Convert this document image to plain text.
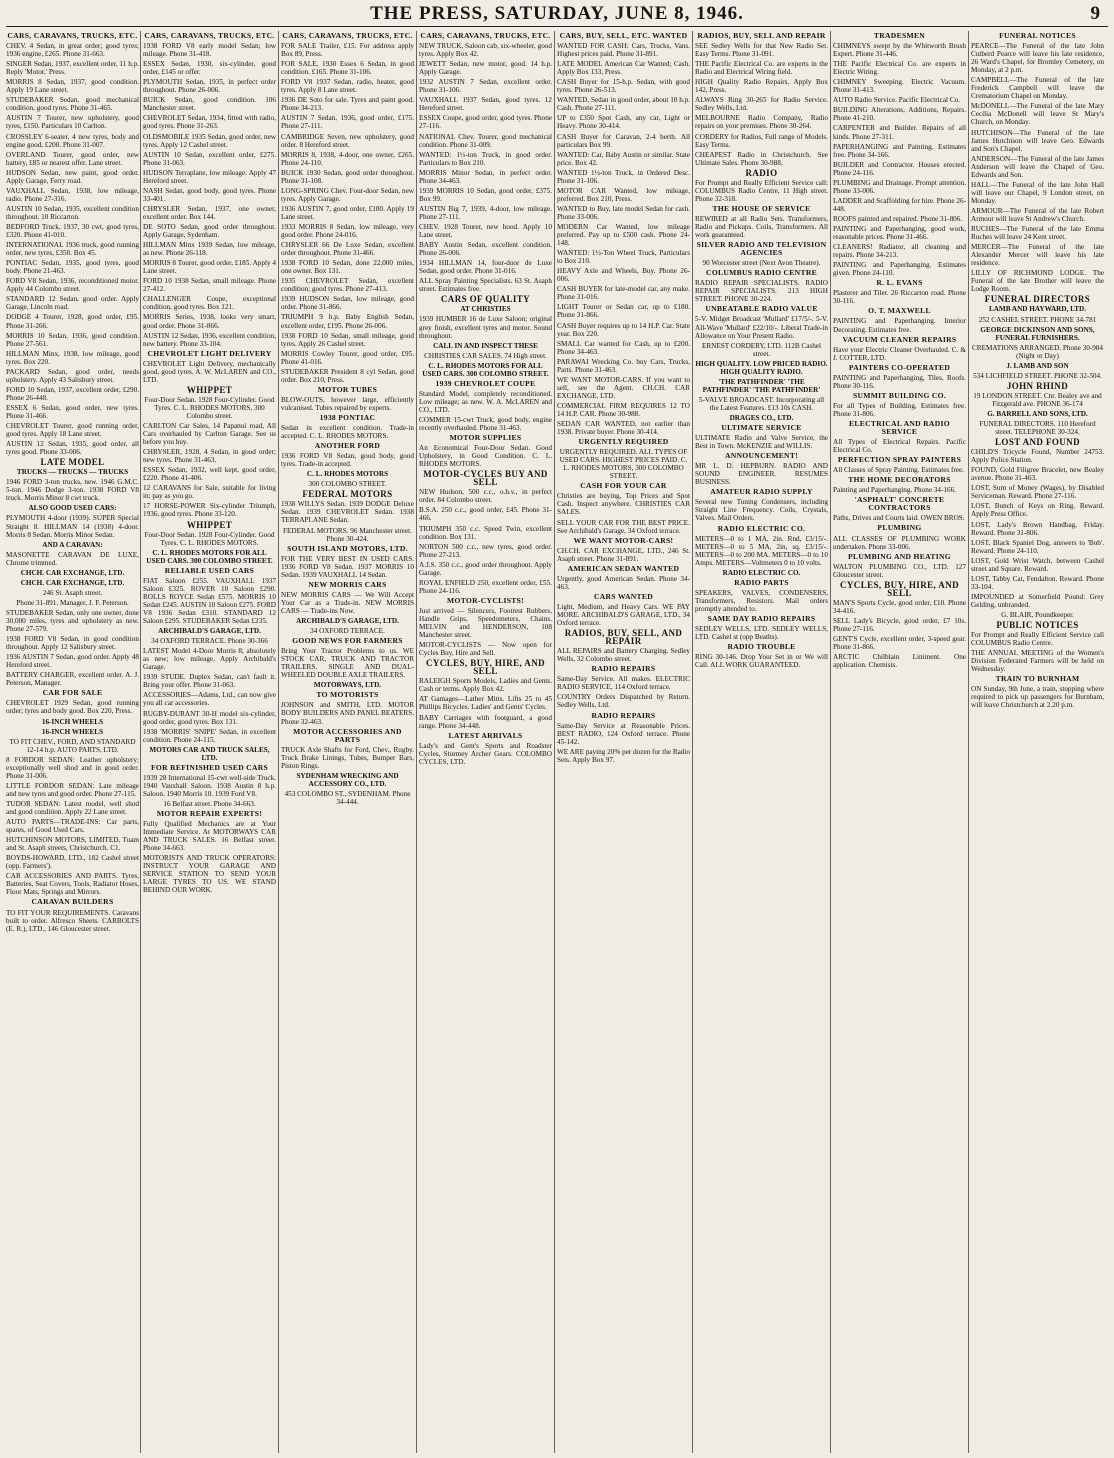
THE PRESS, SATURDAY, JUNE 8, 1946.	9
CARS, CARAVANS, TRUCKS, ETC.

CHEV. 4 Sedan, in great order; good tyres; 1936 engine, £265. Phone 31-663.

SINGER Sedan, 1937, excellent order, 11 h.p. Reply 'Motor,' Press.

MORRIS 8 Sedan, 1937, good condition. Apply 19 Lane street.

STUDEBAKER Sedan, good mechanical condition, good tyres. Phone 31-465.

AUSTIN 7 Tourer, new upholstery, good tyres, £150. Particulars 10 Carlton.

CROSSLEY 6-seater, 4 new tyres, body and engine good, £200. Phone 31-007.

OVERLAND Tourer, good order, new battery, £85 or nearest offer. Lane street.

HUDSON Sedan, new paint, good order. Apply Garage, Ferry road.

VAUXHALL Sedan, 1938, low mileage, radio. Phone 27-316.

AUSTIN 10 Sedan, 1935, excellent condition throughout. 10 Riccarton.

BEDFORD Truck, 1937, 30 cwt, good tyres, £320. Phone 41-010.

INTERNATIONAL 1936 truck, good running order, new tyres, £350. Box 45.

PONTIAC Sedan, 1935, good tyres, good body. Phone 21-463.

FORD V8 Sedan, 1936, reconditioned motor. Apply 44 Colombo street.

STANDARD 12 Sedan, good order. Apply Garage, Lincoln road.

DODGE 4 Tourer, 1928, good order, £95. Phone 31-266.

MORRIS 10 Sedan, 1936, good condition. Phone 27-561.

HILLMAN Minx, 1938, low mileage, good tyres. Box 220.

PACKARD Sedan, good order, needs upholstery. Apply 43 Salisbury street.

FORD 10 Sedan, 1937, excellent order, £290. Phone 26-448.

ESSEX 6 Sedan, good order, new tyres. Phone 31-466.

CHEVROLET Tourer, good running order, good tyres. Apply 18 Lane street.

AUSTIN 12 Sedan, 1935, good order, all tyres good. Phone 33-006.

LATE MODEL

TRUCKS — TRUCKS — TRUCKS

1946 FORD 3-ton trucks, new. 1946 G.M.C. 5-ton. 1946 Dodge 3-ton. 1938 FORD V8 truck. Morris Minor 8 cwt truck.

ALSO GOOD USED CARS:

PLYMOUTH 4-door (1939). SUPER Special Straight 8. HILLMAN 14 (1938) 4-door. Morris 8 Sedan. Morris Minor Sedan.

AND A CARAVAN:

MASONETTE CARAVAN DE LUXE, Chrome trimmed.

CHCH. CAR EXCHANGE, LTD.

CHCH. CAR EXCHANGE, LTD.

246 St. Asaph street.

Phone 31-891. Manager, J. F. Peterson.

STUDEBAKER Sedan, only one owner, done 30,000 miles, tyres and upholstery as new. Phone 27-579.

1938 FORD V8 Sedan, in good condition throughout. Apply 12 Salisbury street.

1936 AUSTIN 7 Sedan, good order. Apply 48 Hereford street.

BATTERY CHARGER, excellent order. A. J. Peterson, Manager.

CAR FOR SALE

CHEVROLET 1929 Sedan, good running order; tyres and body good. Box 220, Press.

16-INCH WHEELS

16-INCH WHEELS

TO FIT CHEV., FORD, AND STANDARD 12-14 h.p. AUTO PARTS, LTD.

8 FORDOR SEDAN: Leather upholstery; exceptionally well shod and in good order. Phone 31-006.

LITTLE FORDOR SEDAN: Late mileage and new tyres and good order. Phone 27-115.

TUDOR SEDAN: Latest model, well shod and good condition. Apply 22 Lane street.

AUTO PARTS—TRADE-INS: Car parts, spares, of Good Used Cars.

HUTCHINSON MOTORS, LIMITED, Tuam and St. Asaph streets, Christchurch. C1.

BOYDS-HOWARD, LTD., 182 Cashel street (opp. Farmers').

CAR ACCESSORIES AND PARTS. Tyres, Batteries, Seat Covers, Tools, Radiator Hoses, Floor Mats, Springs and Mirrors.

CARAVAN BUILDERS

TO FIT YOUR REQUIREMENTS. Caravans built to order. Alfresco Sheets. CARBOLTS (E. R.), LTD., 146 Gloucester street.

CARS, CARAVANS, TRUCKS, ETC.

1938 FORD V8 early model Sedan; low mileage. Phone 31-418.

ESSEX Sedan, 1930, six-cylinder, good order, £145 or offer.

PLYMOUTH Sedan, 1935, in perfect order throughout. Phone 26-006.

BUICK Sedan, good condition. 106 Manchester street.

CHEVROLET Sedan, 1934, fitted with radio, good tyres. Phone 31-263.

OLDSMOBILE 1935 Sedan, good order, new tyres. Apply 12 Cashel street.

AUSTIN 10 Sedan, excellent order, £275. Phone 31-063.

HUDSON Terraplane, low mileage. Apply 47 Hereford street.

NASH Sedan, good body, good tyres. Phone 33-401.

CHRYSLER Sedan, 1937, one owner, excellent order. Box 144.

DE SOTO Sedan, good order throughout. Apply Garage, Sydenham.

HILLMAN Minx 1939 Sedan, low mileage, as new. Phone 26-118.

MORRIS 8 Tourer, good order, £185. Apply 4 Lane street.

FORD 10 1938 Sedan, small mileage. Phone 27-412.

CHALLENGER Coupe, exceptional condition, good tyres. Box 121.

MORRIS Series, 1938, looks very smart, good order. Phone 31-866.

AUSTIN 12 Sedan, 1936, excellent condition, new battery. Phone 33-104.

CHEVROLET LIGHT DELIVERY

CHEVROLET Light Delivery, mechanically good, good tyres. A. W. McLAREN and CO., LTD.

WHIPPET

Four-Door Sedan. 1928 Four-Cylinder. Good Tyres. C. L. RHODES MOTORS, 300 Colombo street.

CARLTON Car Sales, 14 Papanui road, All Cars overhauled by Carlton Garage. See us before you buy.

CHRYSLER, 1928, 4 Sedan, in good order; new tyres. Phone 31-463.

ESSEX Sedan, 1932, well kept, good order, £220. Phone 41-406.

12 CARAVANS for Sale, suitable for living in; pay as you go.

17 HORSE-POWER Six-cylinder Triumph, 1936, good tyres. Phone 33-120.

WHIPPET

Four-Door Sedan. 1928 Four-Cylinder. Good Tyres. C. L. RHODES MOTORS.

C. L. RHODES MOTORS FOR ALL USED CARS. 300 COLOMBO STREET.

RELIABLE USED CARS

FIAT Saloon £255. VAUXHALL 1937 Saloon £325. ROVER 10 Saloon £290. ROLLS ROYCE Sedan £575. MORRIS 10 Sedan £245. AUSTIN 10 Saloon £275. FORD V8 1936 Sedan £310. STANDARD 12 Saloon £295. STUDEBAKER Sedan £235.

ARCHIBALD'S GARAGE, LTD.

34 OXFORD TERRACE. Phone 30-366

LATEST Model 4-Door Morris 8, absolutely as new; low mileage. Apply Archibald's Garage.

1939 STUDE. Duplex Sedan, can't fault it. Bring your offer. Phone 31-063.

ACCESSORIES—Adams, Ltd., can now give you all car accessories.

RUGBY-DURANT 30-H model six-cylinder, good order, good tyres. Box 131.

1938 'MORRIS' 'SNIPE' Sedan, in excellent condition. Phone 24-115.

MOTORS CAR AND TRUCK SALES, LTD.

FOR REFINISHED USED CARS

1939 28 International 15-cwt well-side Truck. 1940 Vauxhall Saloon. 1938 Austin 8 h.p. Saloon. 1940 Morris 10. 1939 Ford V8.

16 Belfast street. Phone 34-663.

MOTOR REPAIR EXPERTS!

Fully Qualified Mechanics are at Your Immediate Service. At MOTORWAYS CAR AND TRUCK SALES. 16 Belfast street. Phone 34-663.

MOTORISTS AND TRUCK OPERATORS: INSTRUCT YOUR GARAGE AND SERVICE STATION TO SEND YOUR LARGE TYRES TO US. WE STAND BEHIND OUR WORK.

CARS, CARAVANS, TRUCKS, ETC.

FOR SALE Trailer, £15. For address apply Box 89, Press.

FOR SALE, 1930 Essex 6 Sedan, in good condition. £165. Phone 31-106.

FORD V8 1937 Sedan, radio, heater, good tyres. Apply 8 Lane street.

1936 DE Soto for sale. Tyres and paint good. Phone 34-213.

AUSTIN 7 Sedan, 1936, good order, £175. Phone 27-111.

CAMBRIDGE Seven, new upholstery, good order. 8 Hereford street.

MORRIS 8, 1938, 4-door, one owner, £265. Phone 24-110.

BUICK 1930 Sedan, good order throughout. Phone 31-108.

LONG-SPRING Chev. Four-door Sedan, new tyres. Apply Garage.

1936 AUSTIN 7, good order, £180. Apply 19 Lane street.

1933 MORRIS 8 Sedan, low mileage, very good order. Phone 24-016.

CHRYSLER 66 De Luxe Sedan, excellent order throughout. Phone 31-466.

1938 FORD 10 Sedan, done 22,000 miles, one owner. Box 131.

1935 CHEVROLET Sedan, excellent condition; good tyres. Phone 27-413.

1939 HUDSON Sedan, low mileage, good order. Phone 31-866.

TRIUMPH 9 h.p. Baby English Sedan, excellent order, £195. Phone 26-006.

1938 FORD 10 Sedan, small mileage, good tyres. Apply 26 Cashel street.

MORRIS Cowley Tourer, good order, £95. Phone 41-016.

STUDEBAKER President 8 cyl Sedan, good order. Box 210, Press.

MOTOR TUBES

BLOW-OUTS, however large, efficiently vulcanised. Tubes repaired by experts.

1938 PONTIAC

Sedan in excellent condition. Trade-in accepted. C. L. RHODES MOTORS.

ANOTHER FORD

1936 FORD V8 Sedan, good body, good tyres. Trade-in accepted.

C. L. RHODES MOTORS

300 COLOMBO STREET.

FEDERAL MOTORS

1938 WILLYS Sedan. 1939 DODGE Deluxe Sedan. 1939 CHEVROLET Sedan. 1938 TERRAPLANE Sedan.

FEDERAL MOTORS. 96 Manchester street. Phone 30-424.

SOUTH ISLAND MOTORS, LTD.

FOR THE VERY BEST IN USED CARS. 1936 FORD V8 Sedan. 1937 MORRIS 10 Sedan. 1939 VAUXHALL 14 Sedan.

NEW MORRIS CARS

NEW MORRIS CARS — We Will Accept Your Car as a Trade-in. NEW MORRIS CARS — Trade-ins Now.

ARCHIBALD'S GARAGE, LTD.

34 OXFORD TERRACE.

GOOD NEWS FOR FARMERS

Bring Your Tractor Problems to us. WE STOCK CAR, TRUCK AND TRACTOR TRAILERS. SINGLE AND DUAL-WHEELED DOUBLE AXLE TRAILERS.

MOTORWAYS, LTD.

TO MOTORISTS

JOHNSON and SMITH, LTD. MOTOR BODY BUILDERS AND PANEL BEATERS. Phone 32-463.

MOTOR ACCESSORIES AND PARTS

TRUCK Axle Shafts for Ford, Chev., Rugby. Truck Brake Linings, Tubes, Bumper Bars, Piston Rings.

SYDENHAM WRECKING AND ACCESSORY CO., LTD.

453 COLOMBO ST., SYDENHAM. Phone 34-444.

CARS, CARAVANS, TRUCKS, ETC.

NEW TRUCK, Saloon cab, six-wheeler, good tyres. Apply Box 42.

JEWETT Sedan, new motor, good. 14 h.p. Apply Garage.

1932 AUSTIN 7 Sedan, excellent order. Phone 31-106.

VAUXHALL 1937 Sedan, good tyres. 12 Hereford street.

ESSEX Coupe, good order, good tyres. Phone 27-116.

NATIONAL Chev. Tourer, good mechanical condition. Phone 31-009.

WANTED: 1½-ton Truck, in good order. Particulars to Box 210.

MORRIS Minor Sedan, in perfect order. Phone 34-463.

1939 MORRIS 10 Sedan, good order, £375. Box 99.

AUSTIN Big 7, 1939, 4-door, low mileage. Phone 27-111.

CHEV. 1928 Tourer, new hood. Apply 10 Lane street.

BABY Austin Sedan, excellent condition. Phone 26-006.

1934 HILLMAN 14, four-door de Luxe Sedan, good order. Phone 31-016.

ALL Spray Painting Specialists. 63 St. Asaph street. Estimates free.

CARS OF QUALITY

AT CHRISTIES

1939 HUMBER 16 de Luxe Saloon; original grey finish, excellent tyres and motor. Sound throughout.

CALL IN AND INSPECT THESE

CHRISTIES CAR SALES. 74 High street.

C. L. RHODES MOTORS FOR ALL USED CARS. 300 COLOMBO STREET.

1939 CHEVROLET COUPE

Standard Model, completely reconditioned. Low mileage; as new. W. A. McLAREN and CO., LTD.

COMMER 15-cwt Truck, good body, engine recently overhauled. Phone 31-463.

MOTOR SUPPLIES

An Economical Four-Door Sedan. Good Upholstery, in Good Condition. C. L. RHODES MOTORS.

MOTOR-CYCLES BUY AND SELL

NEW Hudson, 500 c.c., o.h.v., in perfect order. 84 Colombo street.

B.S.A. 250 c.c., good order, £45. Phone 31-466.

TRIUMPH 350 c.c. Speed Twin, excellent condition. Box 131.

NORTON 500 c.c., new tyres, good order. Phone 27-213.

A.J.S. 350 c.c., good order throughout. Apply Garage.

ROYAL ENFIELD 250, excellent order, £55. Phone 24-116.

MOTOR-CYCLISTS!

Just arrived — Silencers, Footrest Rubbers, Handle Grips, Speedometers, Chains. MELVIN and HENDERSON, 108 Manchester street.

MOTOR-CYCLISTS — Now open for Cycles Buy, Hire and Sell.

CYCLES, BUY, HIRE, AND SELL

RALEIGH Sports Models, Ladies and Gents. Cash or terms. Apply Box 42.

AT Gamages—Lather Mitts. Lifts 25 to 45 Phillips Bicycles. Ladies' and Gents' Cycles.

BABY Carriages with footguard, a good range. Phone 34-448.

LATEST ARRIVALS

Lady's and Gent's Sports and Roadster Cycles, Sturmey Archer Gears. COLOMBO CYCLES, LTD.

CARS, BUY, SELL, ETC. WANTED

WANTED FOR CASH: Cars, Trucks, Vans. Highest prices paid. Phone 31-891.

LATE MODEL American Car Wanted; Cash. Apply Box 133, Press.

CASH Buyer for 15-h.p. Sedan, with good tyres. Phone 26-513.

WANTED, Sedan in good order, about 10 h.p. Cash. Phone 27-111.

UP to £350 Spot Cash, any car, Light or Heavy. Phone 30-414.

CASH Buyer for Caravan, 2-4 berth. All particulars Box 99.

WANTED: Car, Baby Austin or similar. State price. Box 42.

WANTED 1½-ton Truck, in Ordered Desc. Phone 31-106.

MOTOR CAR Wanted, low mileage, preferred. Box 210, Press.

WANTED to Buy, late model Sedan for cash. Phone 33-006.

MODERN Car Wanted, low mileage preferred. Pay up to £500 cash. Phone 24-148.

WANTED: 1½-Ton Wheel Truck, Particulars to Box 210.

HEAVY Axle and Wheels, Buy. Phone 26-006.

CASH BUYER for late-model car, any make. Phone 31-016.

LIGHT Tourer or Sedan car, up to £180. Phone 31-866.

CASH Buyer requires up to 14 H.P. Car. State year. Box 220.

SMALL Car wanted for Cash, up to £200. Phone 34-463.

PARAWAI Wrecking Co. buy Cars, Trucks, Parts. Phone 31-463.

WE WANT MOTOR-CARS. If you want to sell, see the Agent. CH.CH. CAR EXCHANGE, LTD.

COMMERCIAL FIRM REQUIRES 12 TO 14 H.P. CAR. Phone 30-988.

SEDAN CAR WANTED, not earlier than 1938. Private buyer. Phone 30-414.

URGENTLY REQUIRED

URGENTLY REQUIRED. ALL TYPES OF USED CARS. HIGHEST PRICES PAID. C. L. RHODES MOTORS, 300 COLOMBO STREET.

CASH FOR YOUR CAR

Christies are buying, Top Prices and Spot Cash. Inspect anywhere. CHRISTIES CAR SALES.

SELL YOUR CAR FOR THE BEST PRICE. See Archibald's Garage, 34 Oxford terrace.

WE WANT MOTOR-CARS!

CH.CH. CAR EXCHANGE, LTD., 246 St. Asaph street. Phone 31-891.

AMERICAN SEDAN WANTED

Urgently, good American Sedan. Phone 34-463.

CARS WANTED

Light, Medium, and Heavy Cars. WE PAY MORE. ARCHIBALD'S GARAGE, LTD., 34 Oxford terrace.

RADIOS, BUY, SELL, AND REPAIR

ALL REPAIRS and Battery Charging. Sedley Wells, 32 Colombo street.

RADIO REPAIRS

Same-Day Service. All makes. ELECTRIC RADIO SERVICE, 114 Oxford terrace.

COUNTRY Orders Dispatched by Return. Sedley Wells, Ltd.

RADIO REPAIRS

Same-Day Service at Reasonable Prices. BEST RADIO, 124 Oxford terrace. Phone 45-142.

WE ARE paying 20% per dozen for the Radio Sets. Apply Box 97.

RADIOS, BUY, SELL AND REPAIR

SEE Sedley Wells for that New Radio Set. Easy Terms. Phone 31-091.

THE Pacific Electrical Co. are experts in the Radio and Electrical Wiring field.

HIGH Quality Radio Repairs. Apply Box 142, Press.

ALWAYS Ring 30-265 for Radio Service. Sedley Wells, Ltd.

MELBOURNE Radio Company, Radio repairs on your premises. Phone 30-264.

CORDERY for Radios, Full range of Models. Easy Terms.

CHEAPEST Radio in Christchurch. See Ultimate Sales. Phone 30-988.

RADIO

For Prompt and Really Efficient Service call: COLUMBUS Radio Centre, 11 High street. Phone 32-318.

THE HOUSE OF SERVICE

REWIRED at all Radio Sets. Transformers, Radio and Pickups. Coils, Transformers. All work guaranteed.

SILVER RADIO AND TELEVISION AGENCIES

90 Worcester street (Next Avon Theatre).

COLUMBUS RADIO CENTRE

RADIO REPAIR SPECIALISTS. RADIO REPAIR SPECIALISTS. 213 HIGH STREET. PHONE 30-224.

UNBEATABLE RADIO VALUE

5-V. Midget Broadcast 'Mullard' £17/5/-. 5-V. All-Wave 'Mullard' £22/10/-. Liberal Trade-in Allowance on Your Present Radio.

ERNEST CORDERY, LTD. 112B Cashel street.

HIGH QUALITY. LOW PRICED RADIO. HIGH QUALITY RADIO.

'THE PATHFINDER' 'THE PATHFINDER' 'THE PATHFINDER'

5-VALVE BROADCAST. Incorporating all the Latest Features. £13 10s CASH.

DRAGES CO., LTD.

ULTIMATE SERVICE

ULTIMATE Radio and Valve Service, the Best in Town. McKENZIE and WILLIS.

ANNOUNCEMENT!

MR L. D. HEPBURN. RADIO AND SOUND ENGINEER. RESUMES BUSINESS.

AMATEUR RADIO SUPPLY

Several new Tuning Condensers, including Straight Line Frequency. Coils, Crystals, Valves. Mail Orders.

RADIO ELECTRIC CO.

METERS—0 to 1 MA, 2in. Rnd, £3/15/-. METERS—0 to 5 MA, 2in, sq. £3/15/-. METERS—0 to 200 MA. METERS—0 to 10 Amps. METERS—Voltmeters 0 to 10 volts.

RADIO ELECTRIC CO.

RADIO PARTS

SPEAKERS, VALVES, CONDENSERS, Transformers, Resistors. Mail orders promptly attended to.

SAME DAY RADIO REPAIRS

SEDLEY WELLS, LTD. SEDLEY WELLS, LTD. Cashel st (opp Beaths).

RADIO TROUBLE

RING 30-146. Drop Your Set in or We will Call. ALL WORK GUARANTEED.

TRADESMEN

CHIMNEYS swept by the Whitworth Brush Expert. Phone 31-446.

THE Pacific Electrical Co. are experts in Electric Wiring.

CHIMNEY Sweeping. Electric Vacuum. Phone 31-413.

AUTO Radio Service. Pacific Electrical Co.

BUILDING Alterations, Additions, Repairs. Phone 41-210.

CARPENTER and Builder. Repairs of all kinds. Phone 27-311.

PAPERHANGING and Painting. Estimates free. Phone 34-166.

BUILDER and Contractor. Houses erected. Phone 24-116.

PLUMBING and Drainage. Prompt attention. Phone 33-006.

LADDER and Scaffolding for hire. Phone 26-448.

ROOFS painted and repaired. Phone 31-806.

PAINTING and Paperhanging, good work, reasonable prices. Phone 31-466.

CLEANERS! Radiator, all cleaning and repairs. Phone 34-213.

PAINTING and Paperhanging. Estimates given. Phone 24-110.

R. L. EVANS

Plasterer and Tiler. 26 Riccarton road. Phone 30-116.

O. T. MAXWELL

PAINTING and Paperhanging. Interior Decorating. Estimates free.

VACUUM CLEANER REPAIRS

Have your Electric Cleaner Overhauled. C. & J. COTTER, LTD.

PAINTERS CO-OPERATED

PAINTING and Paperhanging, Tiles, Roofs. Phone 30-116.

SUMMIT BUILDING CO.

For all Types of Building, Estimates free. Phone 31-806.

ELECTRICAL AND RADIO SERVICE

All Types of Electrical Repairs. Pacific Electrical Co.

PERFECTION SPRAY PAINTERS

All Classes of Spray Painting. Estimates free.

THE HOME DECORATORS

Painting and Paperhanging. Phone 34-166.

'ASPHALT' CONCRETE CONTRACTORS

Paths, Drives and Courts laid. OWEN BROS.

PLUMBING

ALL CLASSES OF PLUMBING WORK undertaken. Phone 33-006.

PLUMBING AND HEATING

WALTON PLUMBING CO., LTD. 127 Gloucester street.

CYCLES, BUY, HIRE, AND SELL

MAN'S Sports Cycle, good order, £10. Phone 34-416.

SELL Lady's Bicycle, good order, £7 10s. Phone 27-116.

GENT'S Cycle, excellent order, 3-speed gear. Phone 31-866.

ARCTIC Chilblain Liniment. One application. Chemists.

FUNERAL NOTICES

PEARCE—The Funeral of the late John Cutberd Pearce will leave his late residence, 26 Ward's Chapel, for Bromley Cemetery, on Monday, at 2 p.m.

CAMPBELL—The Funeral of the late Frederick Campbell will leave the Crematorium Chapel on Monday.

McDONELL—The Funeral of the late Mary Cecilia McDonell will leave St Mary's Church, on Monday.

HUTCHISON—The Funeral of the late James Hutchison will leave Geo. Edwards and Son's Chapel.

ANDERSON—The Funeral of the late James Anderson will leave the Chapel of Geo. Edwards and Son.

HALL—The Funeral of the late John Hall will leave our Chapel, 9 London street, on Monday.

ARMOUR—The Funeral of the late Robert Armour will leave St Andrew's Church.

RUCHES—The Funeral of the late Emma Ruches will leave 24 Kent street.

MERCER—The Funeral of the late Alexander Mercer will leave his late residence.

LILLY OF RICHMOND LODGE. The Funeral of the late Brother will leave the Lodge Room.

FUNERAL DIRECTORS

LAMB AND HAYWARD, LTD.

252 CASHEL STREET. PHONE 34-781

GEORGE DICKINSON AND SONS, FUNERAL FURNISHERS.

CREMATIONS ARRANGED. Phone 30-984 (Night or Day)

J. LAMB AND SON

534 LICHFIELD STREET. PHONE 32-504.

JOHN RHIND

19 LONDON STREET. Cnr. Bealey ave and Fitzgerald ave. PHONE 36-174

G. BARRELL AND SONS, LTD.

FUNERAL DIRECTORS. 110 Hereford street. TELEPHONE 30-324.

LOST AND FOUND

CHILD'S Tricycle Found, Number 24753. Apply Police Station.

FOUND, Gold Filigree Bracelet, new Bealey avenue. Phone 31-463.

LOST, Sum of Money (Wages), by Disabled Serviceman. Reward. Phone 27-116.

LOST, Bunch of Keys on Ring. Reward. Apply Press Office.

LOST, Lady's Brown Handbag, Friday. Reward. Phone 31-806.

LOST, Black Spaniel Dog, answers to 'Bob'. Reward. Phone 24-110.

LOST, Gold Wrist Watch, between Cashel street and Square. Reward.

LOST, Tabby Cat, Fendalton. Reward. Phone 33-104.

IMPOUNDED at Somerfield Pound: Grey Gelding, unbranded.

G. BLAIR, Poundkeeper.

PUBLIC NOTICES

For Prompt and Really Efficient Service call COLUMBUS Radio Centre.

THE ANNUAL MEETING of the Women's Division Federated Farmers will be held on Wednesday.

TRAIN TO BURNHAM

ON Sunday, 9th June, a train, stopping where required to pick up passengers for Burnham, will leave Christchurch at 2.20 p.m.
